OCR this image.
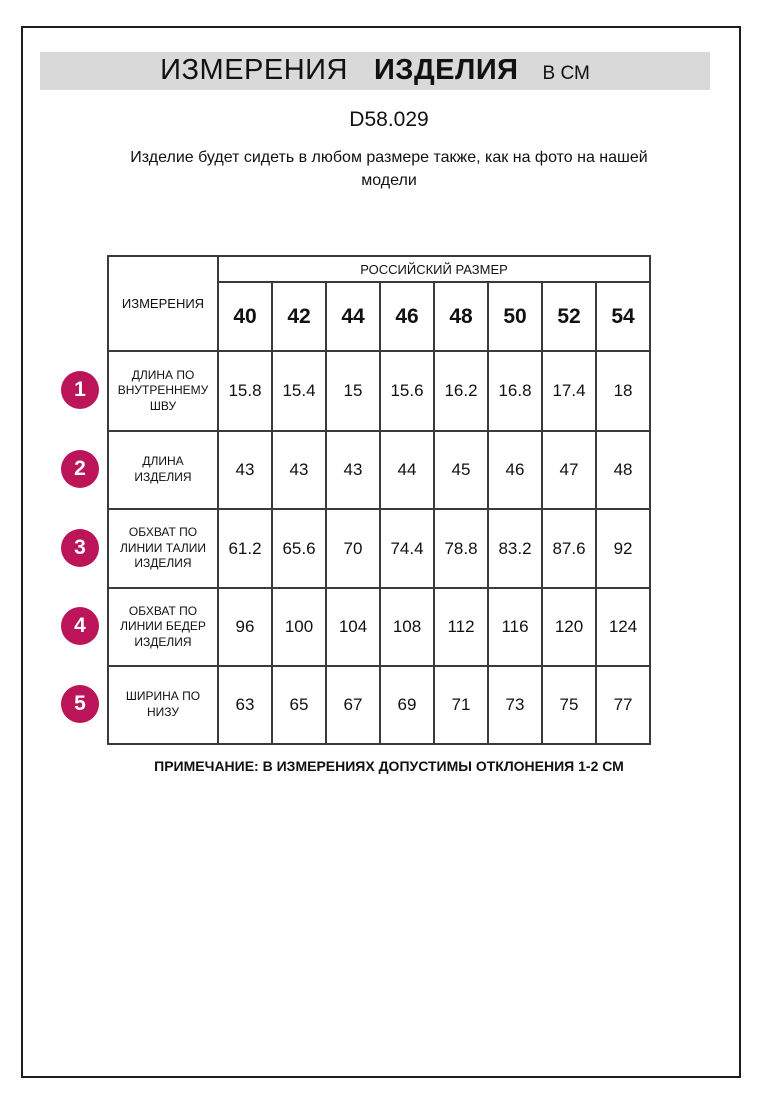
ИЗМЕРЕНИЯ ИЗДЕЛИЯ В СМ
D58.029
Изделие будет сидеть в любом размере также, как на фото на нашей модели
ИЗМЕРЕНИЯ	РОССИЙСКИЙ РАЗМЕР							
	40	42	44	46	48	50	52	54
ДЛИНА ПО ВНУТРЕННЕМУ ШВУ	15.8	15.4	15	15.6	16.2	16.8	17.4	18
ДЛИНА ИЗДЕЛИЯ	43	43	43	44	45	46	47	48
ОБХВАТ ПО ЛИНИИ ТАЛИИ ИЗДЕЛИЯ	61.2	65.6	70	74.4	78.8	83.2	87.6	92
ОБХВАТ ПО ЛИНИИ БЕДЕР ИЗДЕЛИЯ	96	100	104	108	112	116	120	124
ШИРИНА ПО НИЗУ	63	65	67	69	71	73	75	77
1
2
3
4
5
ПРИМЕЧАНИЕ: В ИЗМЕРЕНИЯХ ДОПУСТИМЫ ОТКЛОНЕНИЯ 1-2 СМ
